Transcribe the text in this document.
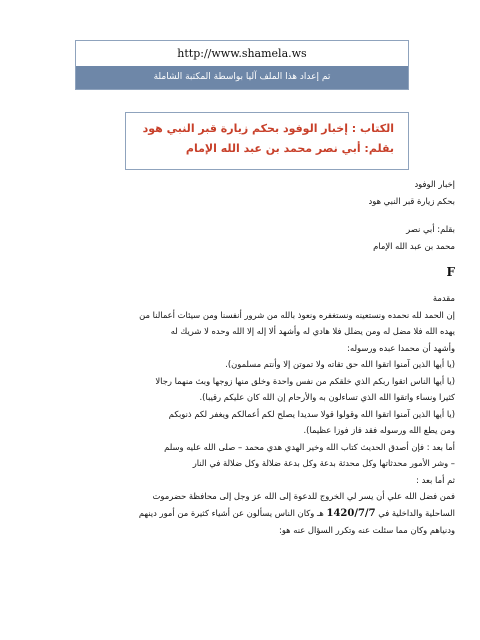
http://www.shamela.ws
تم إعداد هذا الملف آليا بواسطة المكتبة الشاملة
الكتاب : إخبار الوفود بحكم زيارة قبر النبي هود
بقلم: أبي نصر محمد بن عبد الله الإمام
إخبار الوفود
بحكم زيارة قبر النبي هود
بقلم: أبي نصر
محمد بن عبد الله الإمام
F
مقدمة
إن الحمد لله نحمده ونستعينه ونستغفره ونعوذ بالله من شرور أنفسنا ومن سيئات أعمالنا من
يهده الله فلا مضل له ومن يضلل فلا هادي له وأشهد ألا إله إلا الله وحده لا شريك له
وأشهد أن محمدا عبده ورسوله:
(يا أيها الذين آمنوا اتقوا الله حق تقاته ولا تموتن إلا وأنتم مسلمون).
(يا أيها الناس اتقوا ربكم الذي خلقكم من نفس واحدة وخلق منها زوجها وبث منهما رجالا
كثيرا ونساء واتقوا الله الذي تساءلون به والأرحام إن الله كان عليكم رقيبا).
(يا أيها الذين آمنوا اتقوا الله وقولوا قولا سديدا يصلح لكم أعمالكم ويغفر لكم ذنوبكم
ومن يطع الله ورسوله فقد فاز فوزا عظيما).
أما بعد : فإن أصدق الحديث كتاب الله وخير الهدي هدي محمد – صلى الله عليه وسلم
– وشر الأمور محدثاتها وكل محدثة بدعة وكل بدعة ضلالة وكل ضلالة في النار
ثم أما بعد :
فمن فضل الله علي أن يسر لي الخروج للدعوة إلى الله عز وجل إلى محافظة حضرموت
الساحلية والداخلية في 1420/7/7 هـ وكان الناس يسألون عن أشياء كثيرة من أمور دينهم
ودنياهم وكان مما سئلت عنه وتكرر السؤال عنه هو:
